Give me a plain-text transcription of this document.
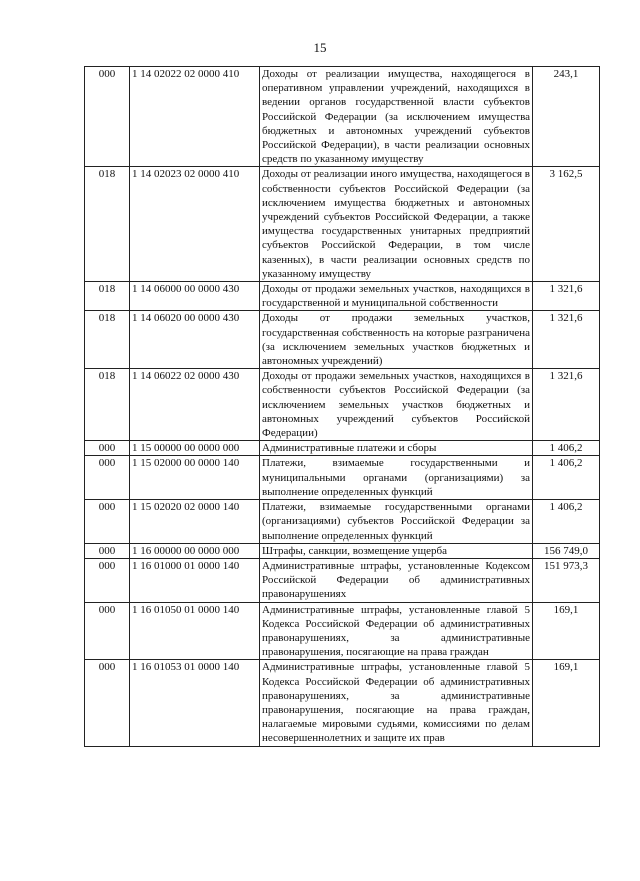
15
000	1 14 02022 02 0000 410	Доходы от реализации имущества, находящегося в оперативном управлении учреждений, находящихся в ведении органов государственной власти субъектов Российской Федерации (за исключением имущества бюджетных и автономных учреждений субъектов Российской Федерации), в части реализации основных средств по указанному имуществу	243,1
018	1 14 02023 02 0000 410	Доходы от реализации иного имущества, находящегося в собственности субъектов Российской Федерации (за исключением имущества бюджетных и автономных учреждений субъектов Российской Федерации, а также имущества государственных унитарных предприятий субъектов Российской Федерации, в том числе казенных), в части реализации основных средств по указанному имуществу	3 162,5
018	1 14 06000 00 0000 430	Доходы от продажи земельных участков, находящихся в государственной и муниципальной собственности	1 321,6
018	1 14 06020 00 0000 430	Доходы от продажи земельных участков, государственная собственность на которые разграничена (за исключением земельных участков бюджетных и автономных учреждений)	1 321,6
018	1 14 06022 02 0000 430	Доходы от продажи земельных участков, находящихся в собственности субъектов Российской Федерации (за исключением земельных участков бюджетных и автономных учреждений субъектов Российской Федерации)	1 321,6
000	1 15 00000 00 0000 000	Административные платежи и сборы	1 406,2
000	1 15 02000 00 0000 140	Платежи, взимаемые государственными и муниципальными органами (организациями) за выполнение определенных функций	1 406,2
000	1 15 02020 02 0000 140	Платежи, взимаемые государственными органами (организациями) субъектов Российской Федерации за выполнение определенных функций	1 406,2
000	1 16 00000 00 0000 000	Штрафы, санкции, возмещение ущерба	156 749,0
000	1 16 01000 01 0000 140	Административные штрафы, установленные Кодексом Российской Федерации об административных правонарушениях	151 973,3
000	1 16 01050 01 0000 140	Административные штрафы, установленные главой 5 Кодекса Российской Федерации об административных правонарушениях, за административные правонарушения, посягающие на права граждан	169,1
000	1 16 01053 01 0000 140	Административные штрафы, установленные главой 5 Кодекса Российской Федерации об административных правонарушениях, за административные правонарушения, посягающие на права граждан, налагаемые мировыми судьями, комиссиями по делам несовершеннолетних и защите их прав	169,1
